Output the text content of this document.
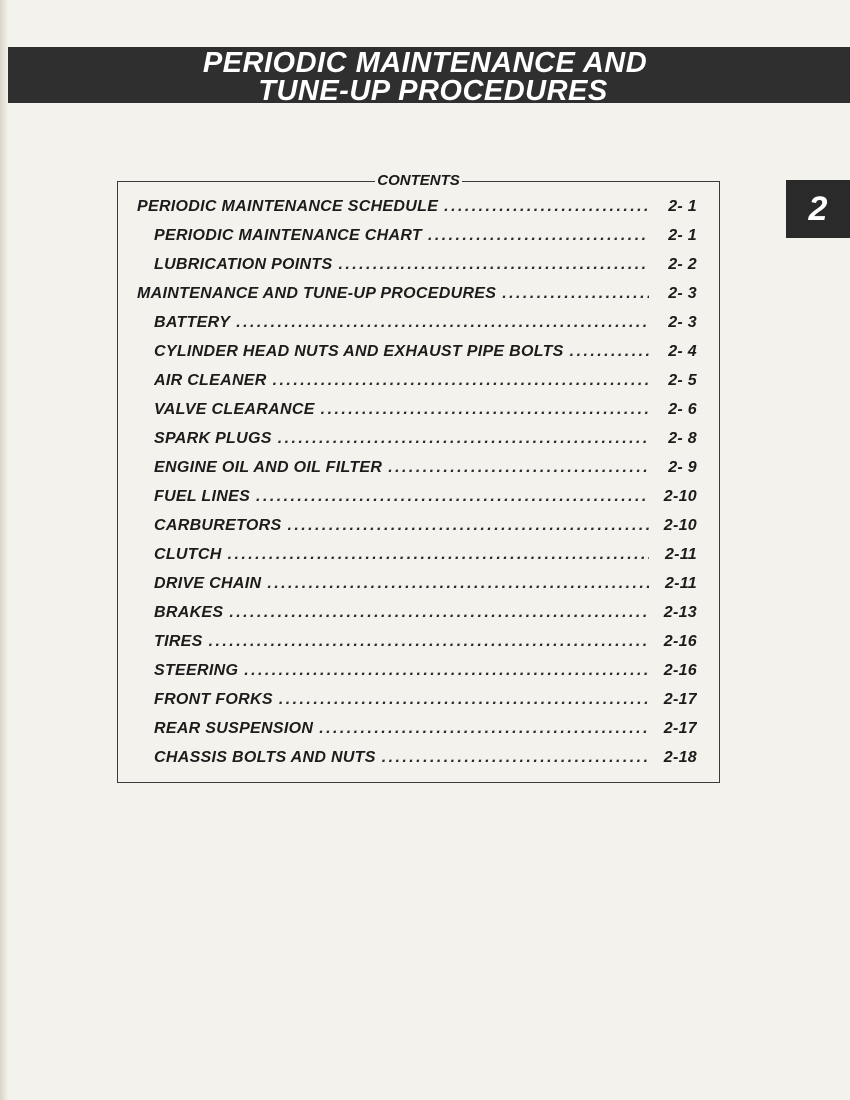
PERIODIC MAINTENANCE AND
TUNE-UP PROCEDURES
2
CONTENTS
PERIODIC MAINTENANCE SCHEDULE . . .	2- 1
PERIODIC MAINTENANCE CHART . . .	2- 1
LUBRICATION POINTS . . .	2- 2
MAINTENANCE AND TUNE-UP PROCEDURES . . .	2- 3
BATTERY . . .	2- 3
CYLINDER HEAD NUTS AND EXHAUST PIPE BOLTS . . .	2- 4
AIR CLEANER . . .	2- 5
VALVE CLEARANCE . . .	2- 6
SPARK PLUGS . . .	2- 8
ENGINE OIL AND OIL FILTER . . .	2- 9
FUEL LINES . . .	2-10
CARBURETORS . . .	2-10
CLUTCH . . .	2-11
DRIVE CHAIN . . .	2-11
BRAKES . . .	2-13
TIRES . . .	2-16
STEERING . . .	2-16
FRONT FORKS . . .	2-17
REAR SUSPENSION . . .	2-17
CHASSIS BOLTS AND NUTS . . .	2-18
